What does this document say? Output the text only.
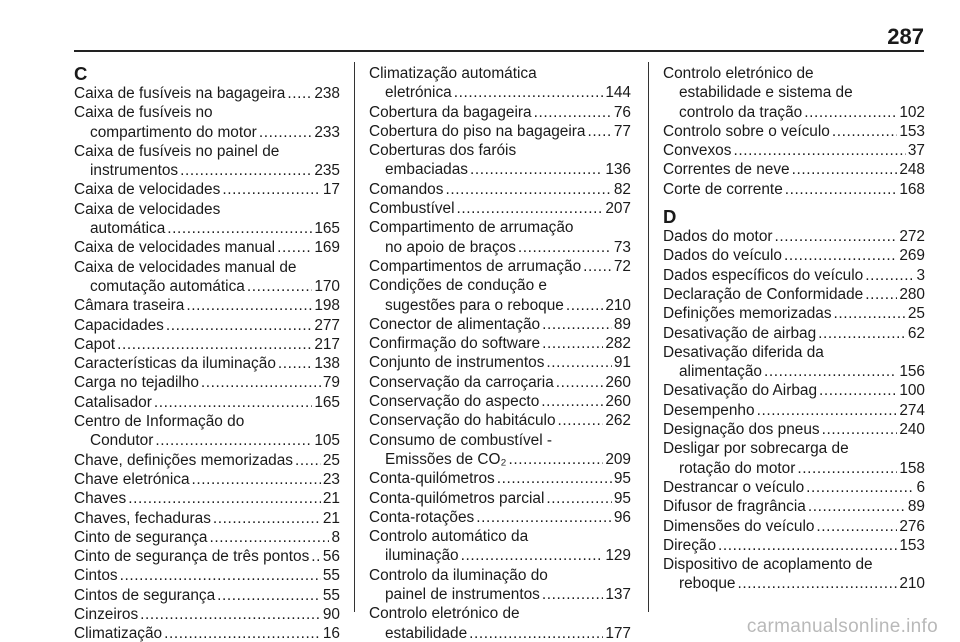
287
C
Caixa de fusíveis na bagageira ..... 238
Caixa de fusíveis no
compartimento do motor .....	233
Caixa de fusíveis no painel de
instrumentos .....	235
Caixa de velocidades .....	17
Caixa de velocidades
automática .....	165
Caixa de velocidades manual .....	169
Caixa de velocidades manual de
comutação automática .....	170
Câmara traseira .....	198
Capacidades .....	277
Capot .....	217
Características da iluminação ..... 138
Carga no tejadilho .....	79
Catalisador .....	165
Centro de Informação do
Condutor .....	105
Chave, definições memorizadas ..... 25
Chave eletrónica .....	23
Chaves .....	21
Chaves, fechaduras .....	21
Cinto de segurança .....	8
Cinto de segurança de três pontos ..... 56
Cintos .....	55
Cintos de segurança .....	55
Cinzeiros .....	90
Climatização .....	16
Climatização automática
eletrónica .....	144
Cobertura da bagageira .....	76
Cobertura do piso na bagageira ..... 77
Coberturas dos faróis
embaciadas .....	136
Comandos .....	82
Combustível .....	207
Compartimento de arrumação
no apoio de braços .....	73
Compartimentos de arrumação ..... 72
Condições de condução e
sugestões para o reboque .....	210
Conector de alimentação .....	89
Confirmação do software .....	282
Conjunto de instrumentos .....	91
Conservação da carroçaria .....	260
Conservação do aspecto .....	260
Conservação do habitáculo .....	262
Consumo de combustível -
Emissões de CO₂ .....	209
Conta-quilómetros .....	95
Conta-quilómetros parcial .....	95
Conta-rotações .....	96
Controlo automático da
iluminação .....	129
Controlo da iluminação do
painel de instrumentos .....	137
Controlo eletrónico de
estabilidade .....	177
Controlo eletrónico de
estabilidade e sistema de
controlo da tração .....	102
Controlo sobre o veículo .....	153
Convexos .....	37
Correntes de neve .....	248
Corte de corrente .....	168
D
Dados do motor .....	272
Dados do veículo .....	269
Dados específicos do veículo .....	3
Declaração de Conformidade ..... 280
Definições memorizadas .....	25
Desativação de airbag .....	62
Desativação diferida da
alimentação .....	156
Desativação do Airbag .....	100
Desempenho .....	274
Designação dos pneus .....	240
Desligar por sobrecarga de
rotação do motor .....	158
Destrancar o veículo .....	6
Difusor de fragrância .....	89
Dimensões do veículo .....	276
Direção .....	153
Dispositivo de acoplamento de
reboque .....	210
carmanualsonline.info
